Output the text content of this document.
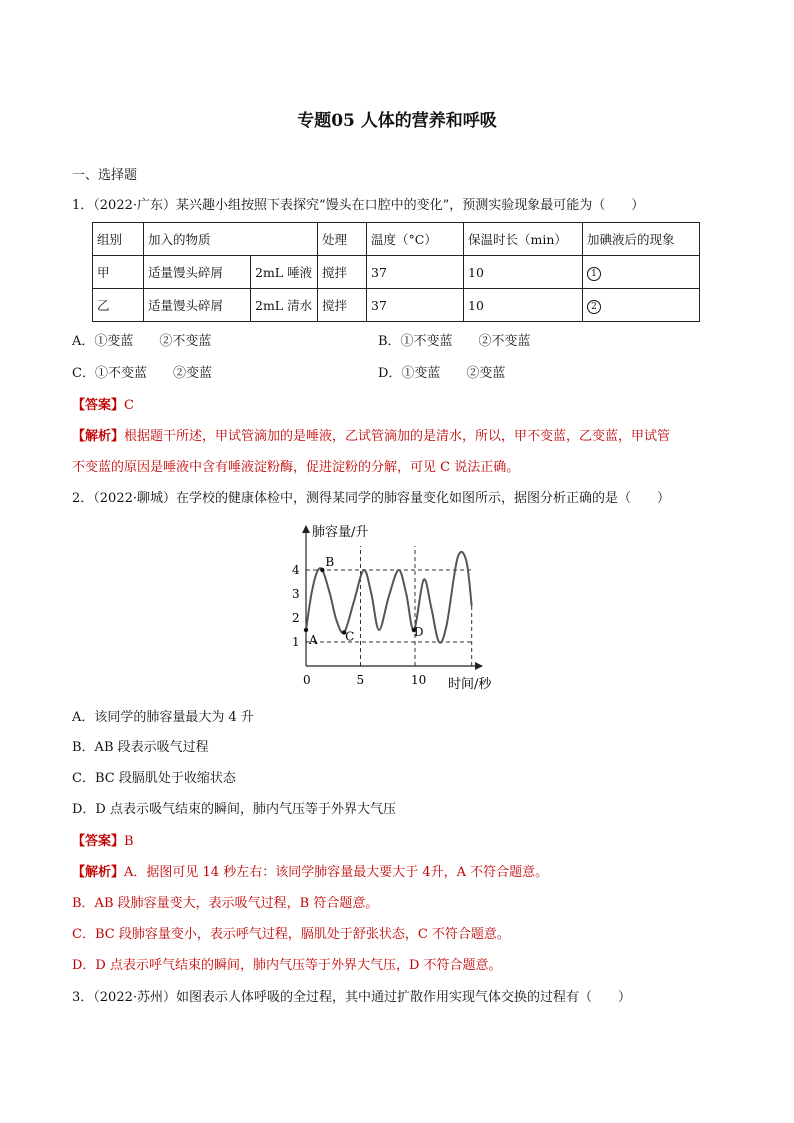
专题05 人体的营养和呼吸
一、选择题
1．（2022·广东）某兴趣小组按照下表探究“馒头在口腔中的变化”，预测实验现象最可能为（　　）
组别	加入的物质		处理	温度（°C）	保温时长（min）	加碘液后的现象
甲	适量馒头碎屑	2mL 唾液	搅拌	37	10	1
乙	适量馒头碎屑	2mL 清水	搅拌	37	10	2
A．①变蓝　　②不变蓝	B．①不变蓝　　②不变蓝
C．①不变蓝　　②变蓝	D．①变蓝　　②变蓝
【答案】C
【解析】根据题干所述，甲试管滴加的是唾液，乙试管滴加的是清水，所以，甲不变蓝，乙变蓝，甲试管
不变蓝的原因是唾液中含有唾液淀粉酶，促进淀粉的分解，可见 C 说法正确。
2．（2022·聊城）在学校的健康体检中，测得某同学的肺容量变化如图所示，据图分析正确的是（　　）
肺容量/升
时间/秒
1
2
3
4
0	5	10
A
B
C	D
A．该同学的肺容量最大为 4 升
B．AB 段表示吸气过程
C．BC 段膈肌处于收缩状态
D．D 点表示吸气结束的瞬间，肺内气压等于外界大气压
【答案】B
【解析】A．据图可见 14 秒左右：该同学肺容量最大要大于 4升，A 不符合题意。
B．AB 段肺容量变大，表示吸气过程，B 符合题意。
C．BC 段肺容量变小，表示呼气过程，膈肌处于舒张状态，C 不符合题意。
D．D 点表示呼气结束的瞬间，肺内气压等于外界大气压，D 不符合题意。
3．（2022·苏州）如图表示人体呼吸的全过程，其中通过扩散作用实现气体交换的过程有（　　）
